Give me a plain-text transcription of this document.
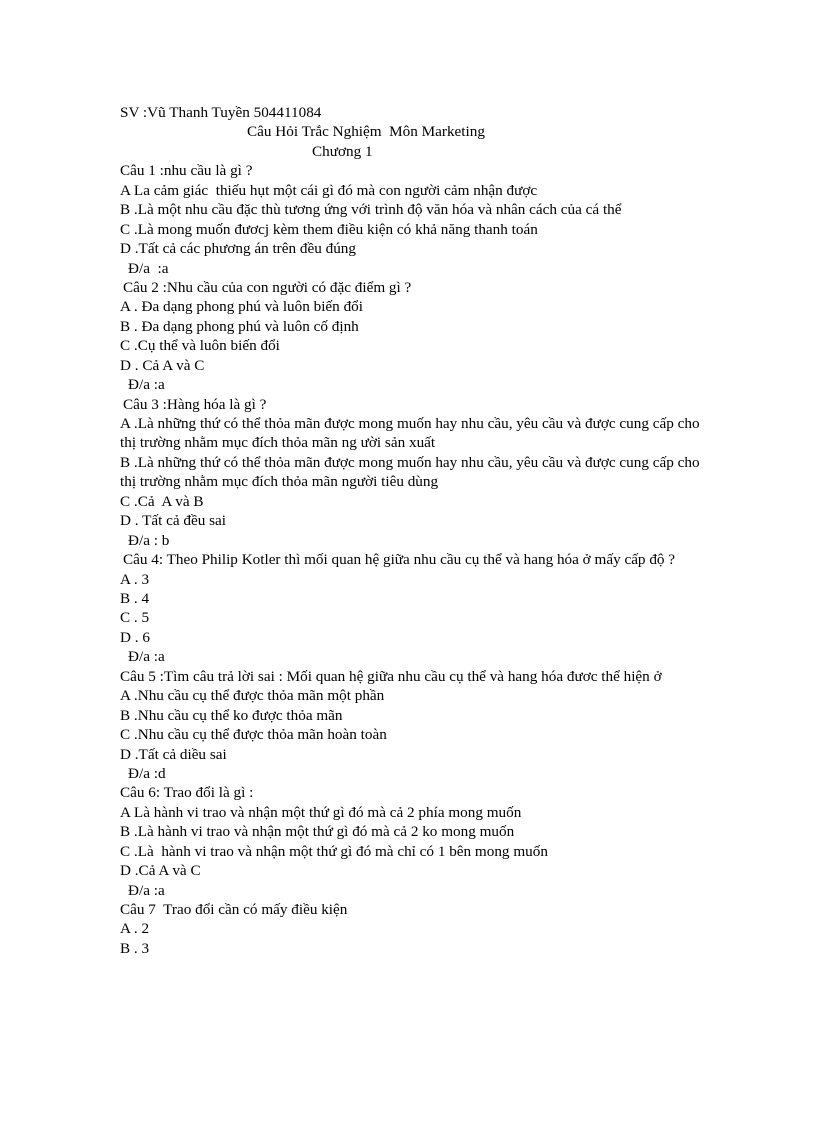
SV :Vũ Thanh Tuyền 504411084
Câu Hỏi Trắc Nghiệm  Môn Marketing
Chương 1
Câu 1 :nhu cầu là gì ?
A La cảm giác  thiếu hụt một cái gì đó mà con người cảm nhận được
B .Là một nhu cầu đặc thù tương ứng với trình độ văn hóa và nhân cách của cá thể
C .Là mong muốn đươcj kèm them điều kiện có khả năng thanh toán
D .Tất cả các phương án trên đều đúng
Đ/a  :a
Câu 2 :Nhu cầu của con người có đặc điểm gì ?
A . Đa dạng phong phú và luôn biến đổi
B . Đa dạng phong phú và luôn cố định
C .Cụ thể và luôn biến đổi
D . Cả A và C
Đ/a :a
Câu 3 :Hàng hóa là gì ?
A .Là những thứ có thể thỏa mãn được mong muốn hay nhu cầu, yêu cầu và được cung cấp cho thị trường nhằm mục đích thỏa mãn ng ười sản xuất
B .Là những thứ có thể thỏa mãn được mong muốn hay nhu cầu, yêu cầu và được cung cấp cho thị trường nhằm mục đích thỏa mãn người tiêu dùng
C .Cả  A và B
D . Tất cả đều sai
Đ/a : b
Câu 4: Theo Philip Kotler thì mối quan hệ giữa nhu cầu cụ thể và hang hóa ở mấy cấp độ ?
A . 3
B . 4
C . 5
D . 6
Đ/a :a
Câu 5 :Tìm câu trả lời sai : Mối quan hệ giữa nhu cầu cụ thể và hang hóa đươc thể hiện ở
A .Nhu cầu cụ thể được thỏa mãn một phần
B .Nhu cầu cụ thể ko được thỏa mãn
C .Nhu cầu cụ thể được thỏa mãn hoàn toàn
D .Tất cả diều sai
Đ/a :d
Câu 6: Trao đổi là gì :
A Là hành vi trao và nhận một thứ gì đó mà cả 2 phía mong muốn
B .Là hành vi trao và nhận một thứ gì đó mà cả 2 ko mong muốn
C .Là  hành vi trao và nhận một thứ gì đó mà chỉ có 1 bên mong muốn
D .Cả A và C
Đ/a :a
Câu 7  Trao đổi cần có mấy điều kiện
A . 2
B . 3
